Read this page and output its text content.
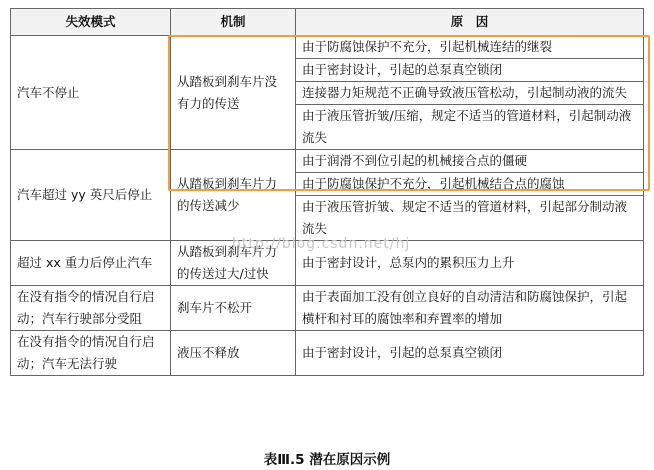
失效模式	机制	原　因
汽车不停止	从踏板到刹车片没有力的传送	由于防腐蚀保护不充分，引起机械连结的继裂
		由于密封设计，引起的总泵真空锁闭
		连接器力矩规范不正确导致液压管松动，引起制动液的流失
		由于液压管折皱/压缩，规定不适当的管道材料，引起制动液流失
汽车超过 yy 英尺后停止	从踏板到刹车片力的传送减少	由于润滑不到位引起的机械接合点的僵硬
		由于防腐蚀保护不充分，引起机械结合点的腐蚀
		由于液压管折皱、规定不适当的管道材料，引起部分制动液流失
超过 xx 重力后停止汽车	从踏板到刹车片力的传送过大/过快	由于密封设计，总泵内的累积压力上升
在没有指令的情况自行启动；汽车行驶部分受阻	刹车片不松开	由于表面加工没有创立良好的自动清洁和防腐蚀保护，引起横杆和衬耳的腐蚀率和弃置率的增加
在没有指令的情况自行启动；汽车无法行驶	液压不释放	由于密封设计，引起的总泵真空锁闭
http://blog.csdn.net/hj
表Ⅲ.5 潜在原因示例
